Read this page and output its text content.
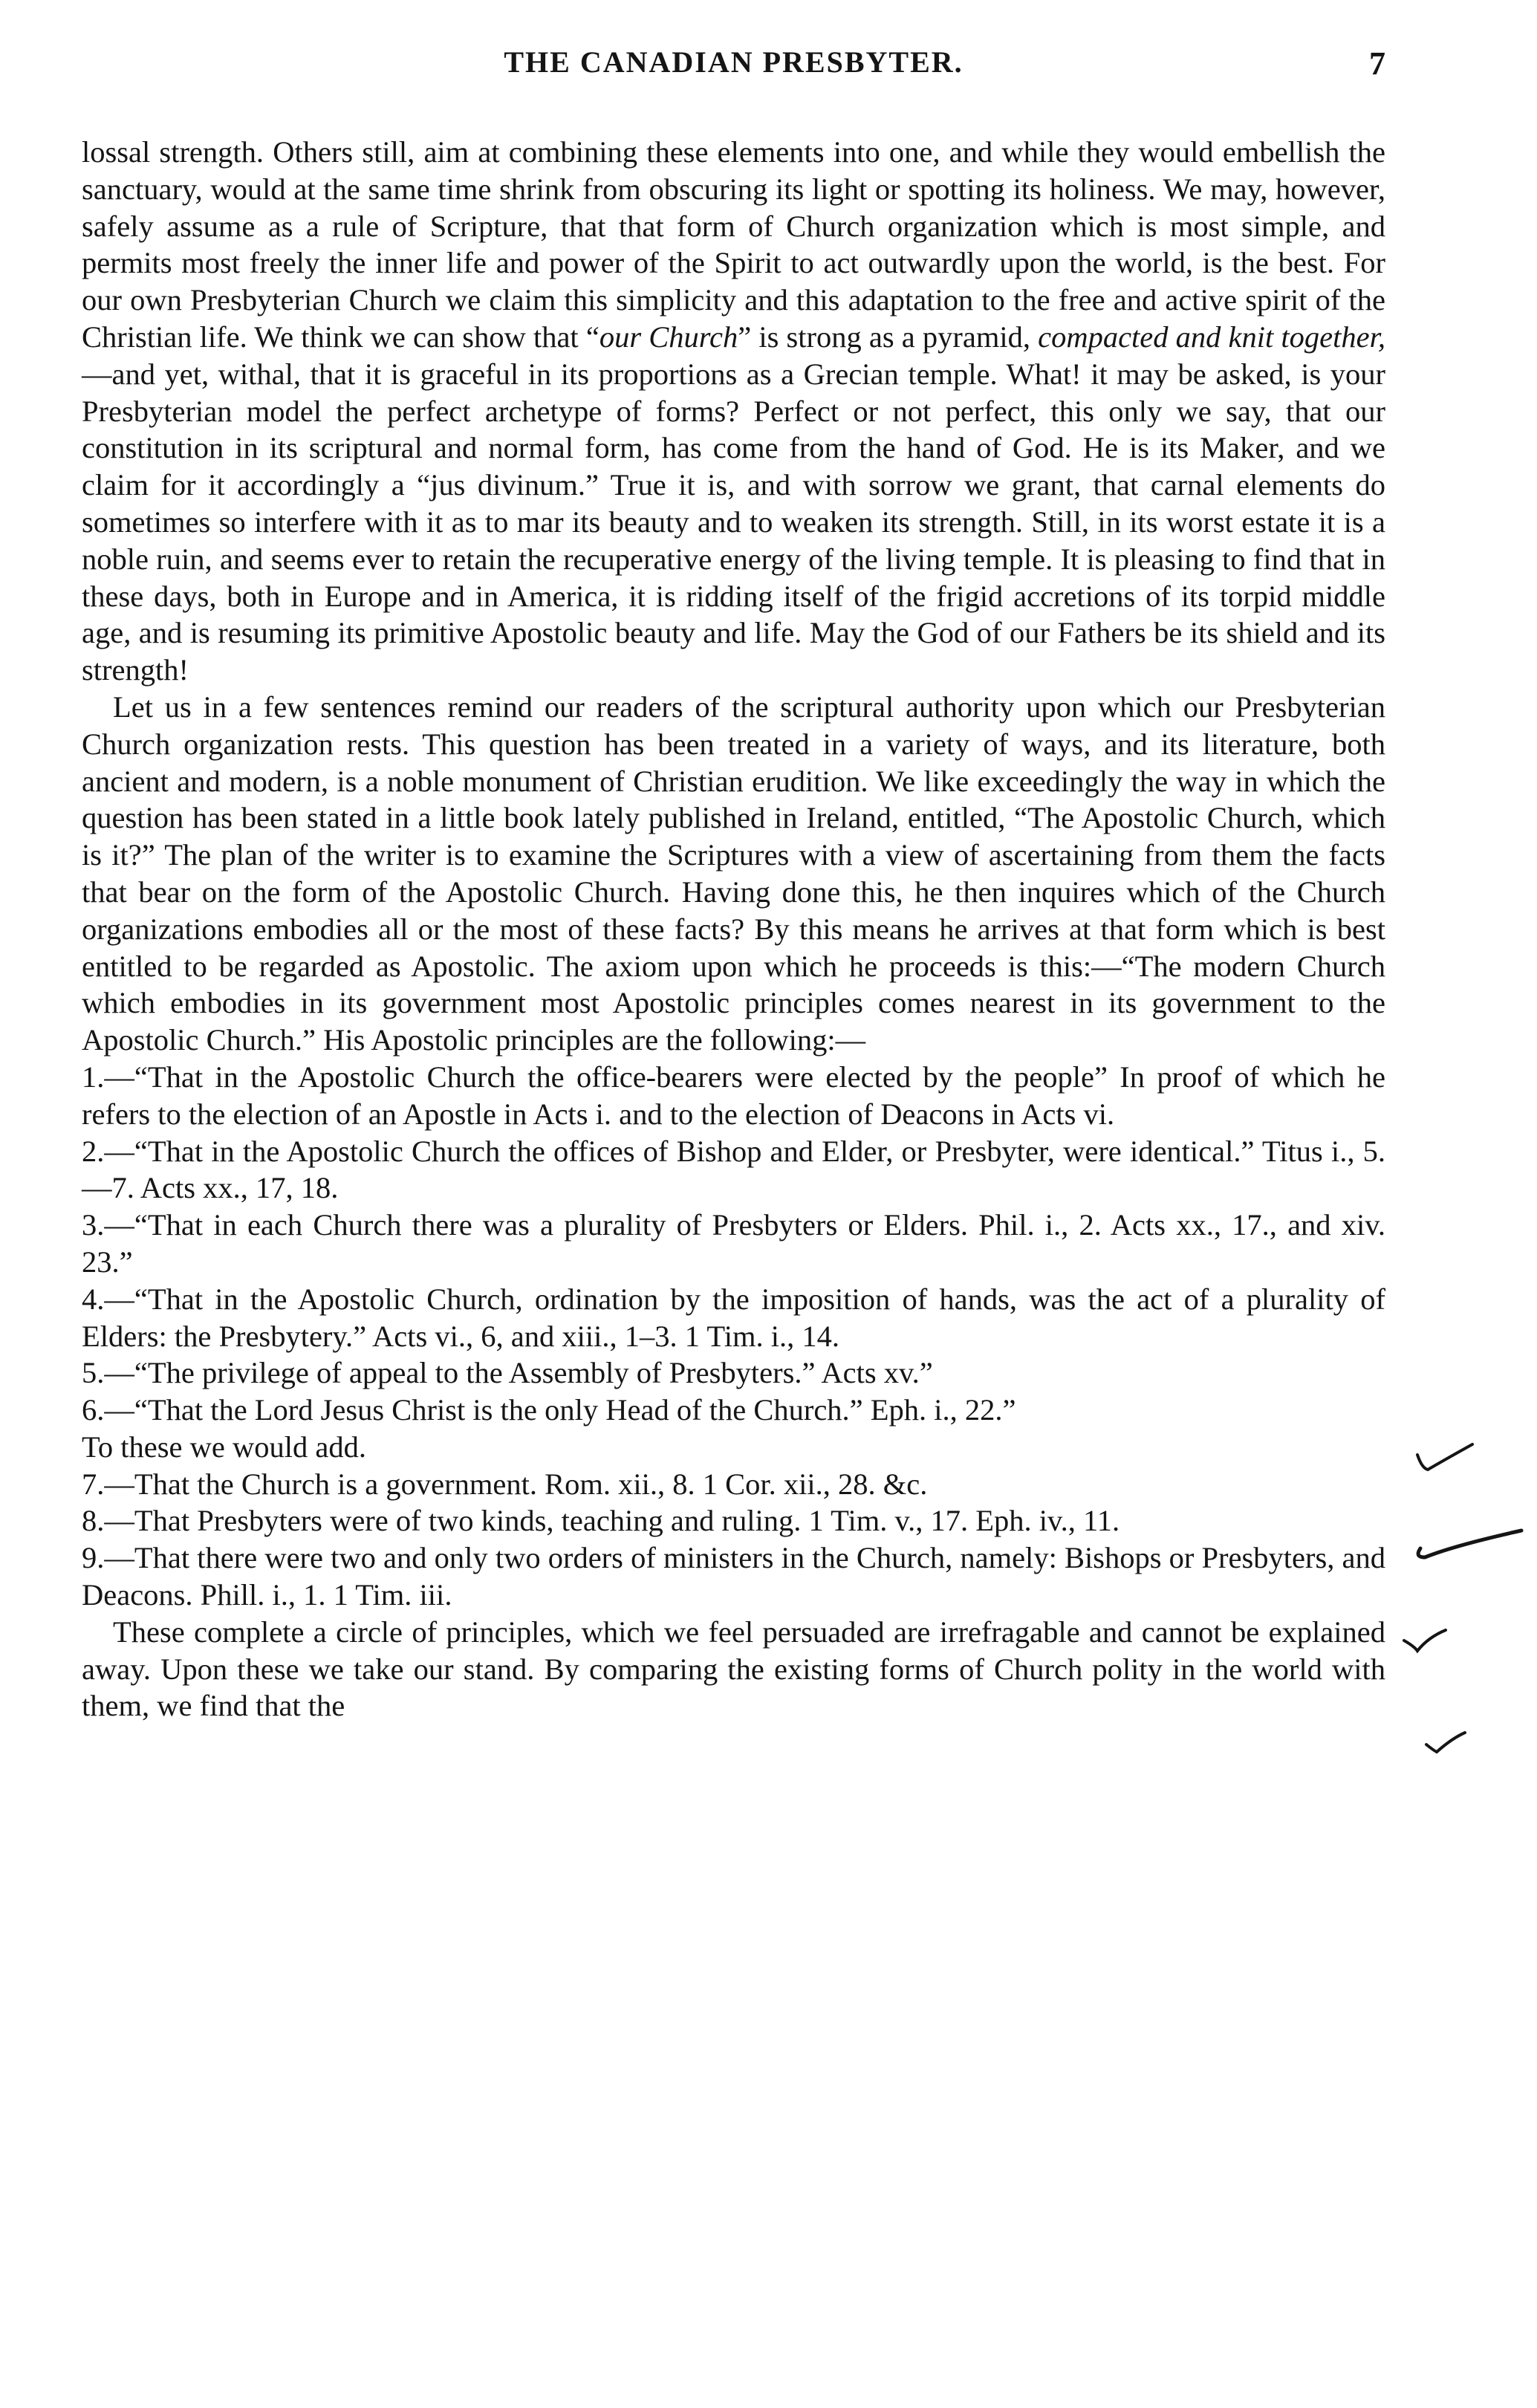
THE CANADIAN PRESBYTER.	7

lossal strength. Others still, aim at combining these elements into one, and while they would embellish the sanctuary, would at the same time shrink from obscuring its light or spotting its holiness. We may, however, safely assume as a rule of Scripture, that that form of Church organization which is most simple, and permits most freely the inner life and power of the Spirit to act outwardly upon the world, is the best. For our own Presbyterian Church we claim this simplicity and this adaptation to the free and active spirit of the Christian life. We think we can show that “our Church” is strong as a pyramid, compacted and knit together,—and yet, withal, that it is graceful in its proportions as a Grecian temple. What! it may be asked, is your Presbyterian model the perfect archetype of forms? Perfect or not perfect, this only we say, that our constitution in its scriptural and normal form, has come from the hand of God. He is its Maker, and we claim for it accordingly a “jus divinum.” True it is, and with sorrow we grant, that carnal elements do sometimes so interfere with it as to mar its beauty and to weaken its strength. Still, in its worst estate it is a noble ruin, and seems ever to retain the recuperative energy of the living temple. It is pleasing to find that in these days, both in Europe and in America, it is ridding itself of the frigid accretions of its torpid middle age, and is resuming its primitive Apostolic beauty and life. May the God of our Fathers be its shield and its strength!

Let us in a few sentences remind our readers of the scriptural authority upon which our Presbyterian Church organization rests. This question has been treated in a variety of ways, and its literature, both ancient and modern, is a noble monument of Christian erudition. We like exceedingly the way in which the question has been stated in a little book lately published in Ireland, entitled, “The Apostolic Church, which is it?” The plan of the writer is to examine the Scriptures with a view of ascertaining from them the facts that bear on the form of the Apostolic Church. Having done this, he then inquires which of the Church organizations embodies all or the most of these facts? By this means he arrives at that form which is best entitled to be regarded as Apostolic. The axiom upon which he proceeds is this:—“The modern Church which embodies in its government most Apostolic principles comes nearest in its government to the Apostolic Church.” His Apostolic principles are the following:—

1.—“That in the Apostolic Church the office-bearers were elected by the people” In proof of which he refers to the election of an Apostle in Acts i. and to the election of Deacons in Acts vi.

2.—“That in the Apostolic Church the offices of Bishop and Elder, or Presbyter, were identical.” Titus i., 5.—7. Acts xx., 17, 18.

3.—“That in each Church there was a plurality of Presbyters or Elders. Phil. i., 2. Acts xx., 17., and xiv. 23.”

4.—“That in the Apostolic Church, ordination by the imposition of hands, was the act of a plurality of Elders: the Presbytery.” Acts vi., 6, and xiii., 1–3. 1 Tim. i., 14.

5.—“The privilege of appeal to the Assembly of Presbyters.” Acts xv.”

6.—“That the Lord Jesus Christ is the only Head of the Church.” Eph. i., 22.”

To these we would add.

7.—That the Church is a government. Rom. xii., 8. 1 Cor. xii., 28. &c.

8.—That Presbyters were of two kinds, teaching and ruling. 1 Tim. v., 17. Eph. iv., 11.

9.—That there were two and only two orders of ministers in the Church, namely: Bishops or Presbyters, and Deacons. Phill. i., 1. 1 Tim. iii.

These complete a circle of principles, which we feel persuaded are irrefragable and cannot be explained away. Upon these we take our stand. By comparing the existing forms of Church polity in the world with them, we find that the
